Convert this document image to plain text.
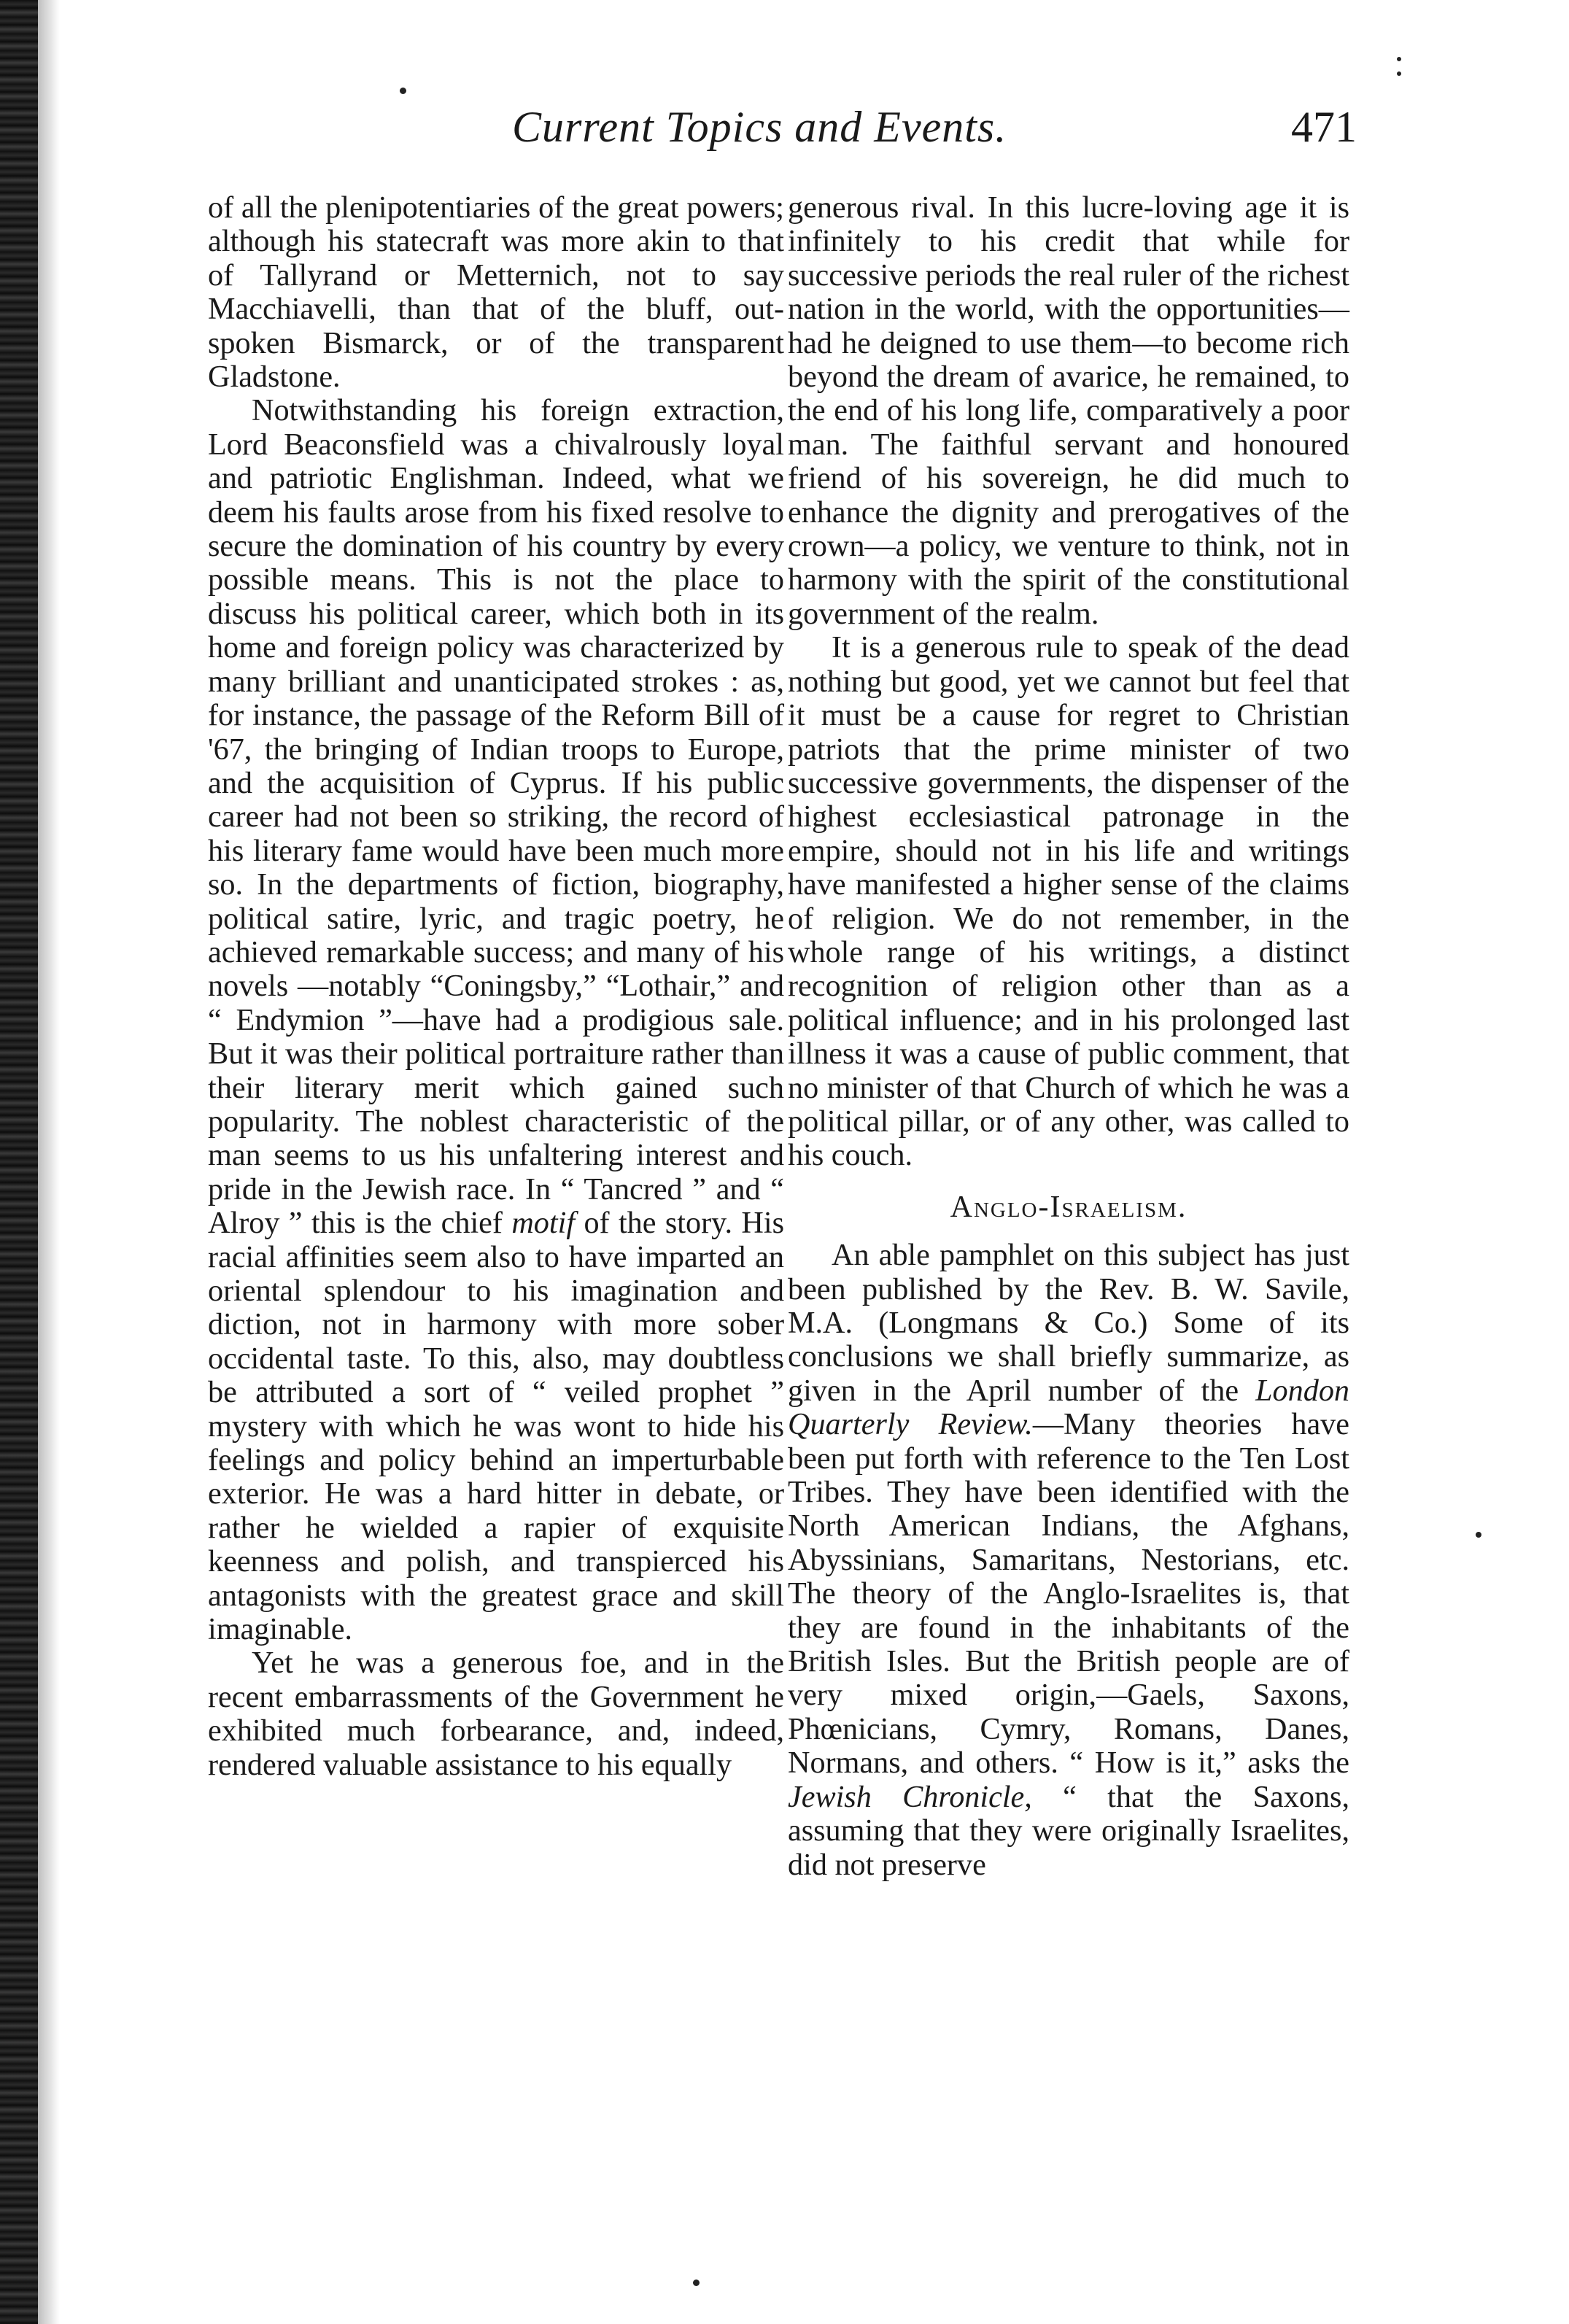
Current Topics and Events.	471

of all the plenipotentiaries of the great powers; although his statecraft was more akin to that of Tallyrand or Metternich, not to say Macchiavelli, than that of the bluff, out-spoken Bismarck, or of the transparent Gladstone.

Notwithstanding his foreign extraction, Lord Beaconsfield was a chivalrously loyal and patriotic Englishman. Indeed, what we deem his faults arose from his fixed resolve to secure the domination of his country by every possible means. This is not the place to discuss his political career, which both in its home and foreign policy was characterized by many brilliant and unanticipated strokes : as, for instance, the passage of the Reform Bill of '67, the bringing of Indian troops to Europe, and the acquisition of Cyprus. If his public career had not been so striking, the record of his literary fame would have been much more so. In the departments of fiction, biography, political satire, lyric, and tragic poetry, he achieved remarkable success; and many of his novels —notably “Coningsby,” “Lothair,” and “ Endymion ”—have had a prodigious sale. But it was their political portraiture rather than their literary merit which gained such popularity. The noblest characteristic of the man seems to us his unfaltering interest and pride in the Jewish race. In “ Tancred ” and “ Alroy ” this is the chief motif of the story. His racial affinities seem also to have imparted an oriental splendour to his imagination and diction, not in harmony with more sober occidental taste. To this, also, may doubtless be attributed a sort of “ veiled prophet ” mystery with which he was wont to hide his feelings and policy behind an imperturbable exterior. He was a hard hitter in debate, or rather he wielded a rapier of exquisite keenness and polish, and transpierced his antagonists with the greatest grace and skill imaginable.

Yet he was a generous foe, and in the recent embarrassments of the Government he exhibited much forbearance, and, indeed, rendered valuable assistance to his equally

generous rival. In this lucre-loving age it is infinitely to his credit that while for successive periods the real ruler of the richest nation in the world, with the opportunities—had he deigned to use them—to become rich beyond the dream of avarice, he remained, to the end of his long life, comparatively a poor man. The faithful servant and honoured friend of his sovereign, he did much to enhance the dignity and prerogatives of the crown—a policy, we venture to think, not in harmony with the spirit of the constitutional government of the realm.

It is a generous rule to speak of the dead nothing but good, yet we cannot but feel that it must be a cause for regret to Christian patriots that the prime minister of two successive governments, the dispenser of the highest ecclesiastical patronage in the empire, should not in his life and writings have manifested a higher sense of the claims of religion. We do not remember, in the whole range of his writings, a distinct recognition of religion other than as a political influence; and in his prolonged last illness it was a cause of public comment, that no minister of that Church of which he was a political pillar, or of any other, was called to his couch.

Anglo-Israelism.

An able pamphlet on this subject has just been published by the Rev. B. W. Savile, M.A. (Longmans & Co.) Some of its conclusions we shall briefly summarize, as given in the April number of the London Quarterly Review.—Many theories have been put forth with reference to the Ten Lost Tribes. They have been identified with the North American Indians, the Afghans, Abyssinians, Samaritans, Nestorians, etc. The theory of the Anglo-Israelites is, that they are found in the inhabitants of the British Isles. But the British people are of very mixed origin,—Gaels, Saxons, Phœnicians, Cymry, Romans, Danes, Normans, and others. “ How is it,” asks the Jewish Chronicle, “ that the Saxons, assuming that they were originally Israelites, did not preserve
